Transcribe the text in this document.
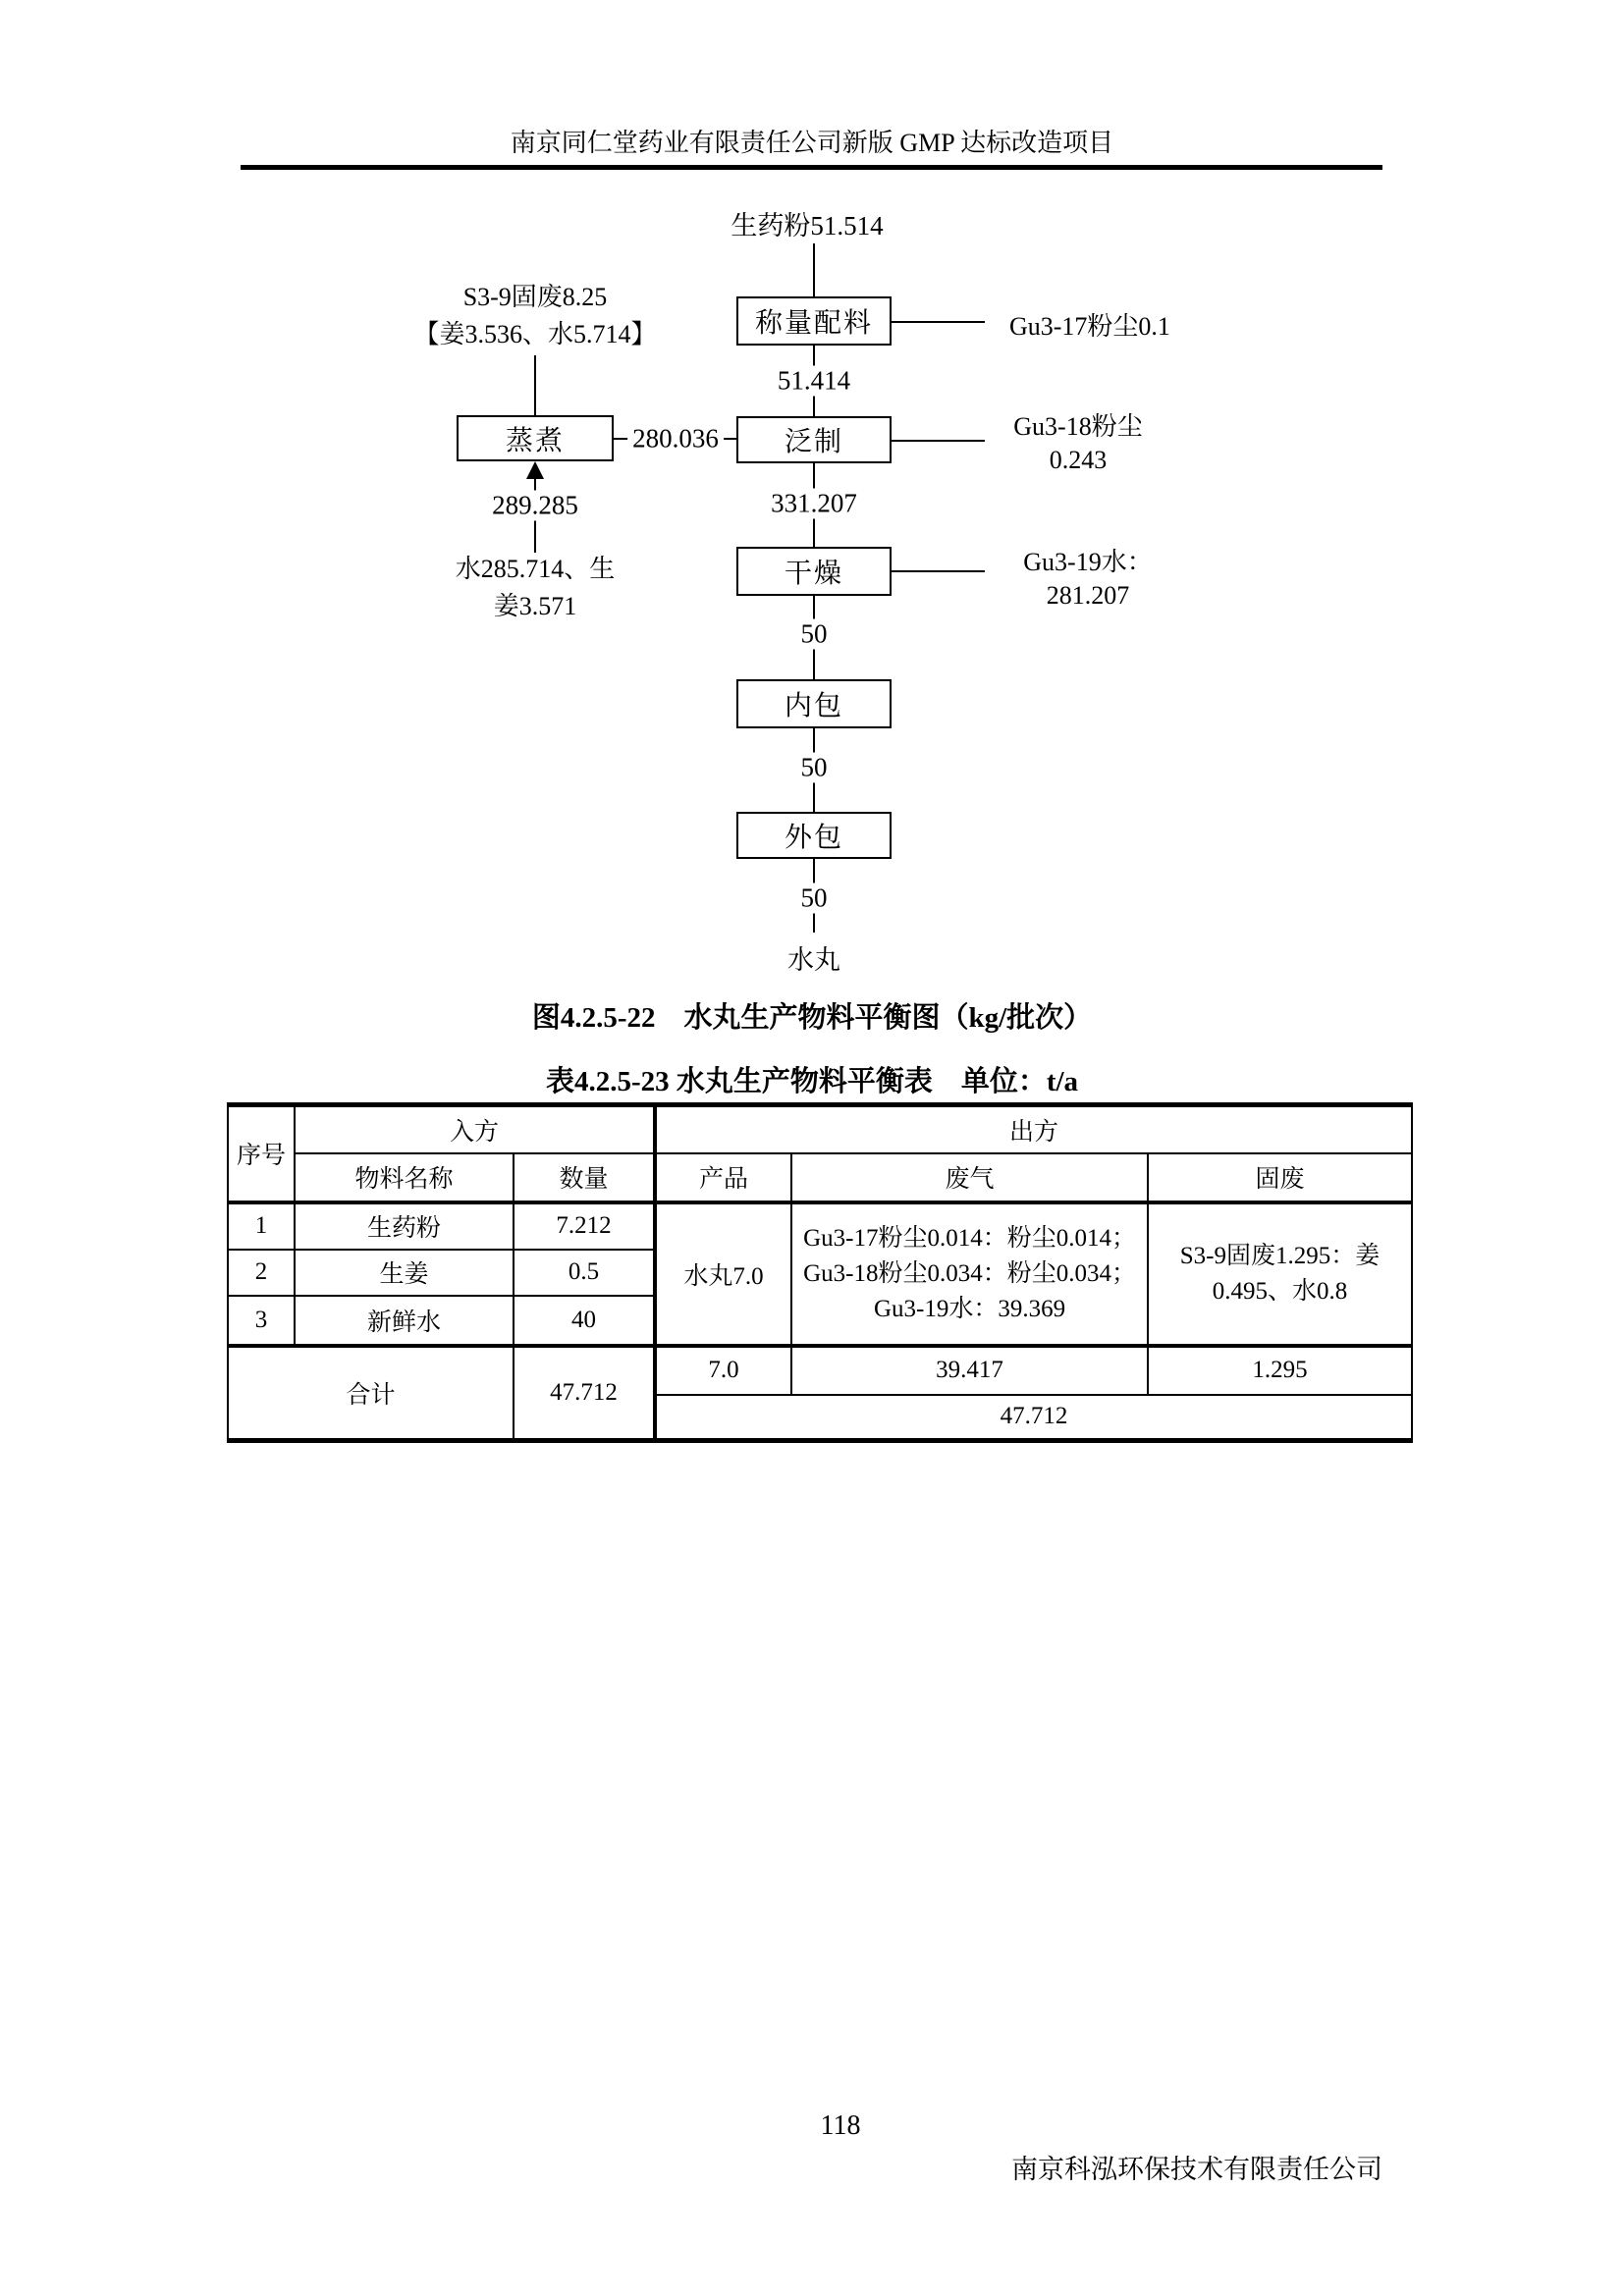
南京同仁堂药业有限责任公司新版 GMP 达标改造项目
生药粉51.514
称量配料
泛制
干燥
内包
外包
51.414
331.207
50
50
50
水丸
S3-9固废8.25
【姜3.536、水5.714】
蒸煮
289.285
水285.714、生
姜3.571
280.036
Gu3-17粉尘0.1
Gu3-18粉尘
0.243
Gu3-19水：
281.207
图4.2.5-22　水丸生产物料平衡图（kg/批次）
表4.2.5-23 水丸生产物料平衡表　单位：t/a
序号	入方		出方		
	物料名称	数量	产品	废气	固废
1	生药粉	7.212	水丸7.0	Gu3-17粉尘0.014：粉尘0.014；Gu3-18粉尘0.034：粉尘0.034；Gu3-19水：39.369	S3-9固废1.295：姜0.495、水0.8
2	生姜	0.5			
3	新鲜水	40			
合计		47.712	7.0	39.417	1.295
			47.712		
118
南京科泓环保技术有限责任公司
